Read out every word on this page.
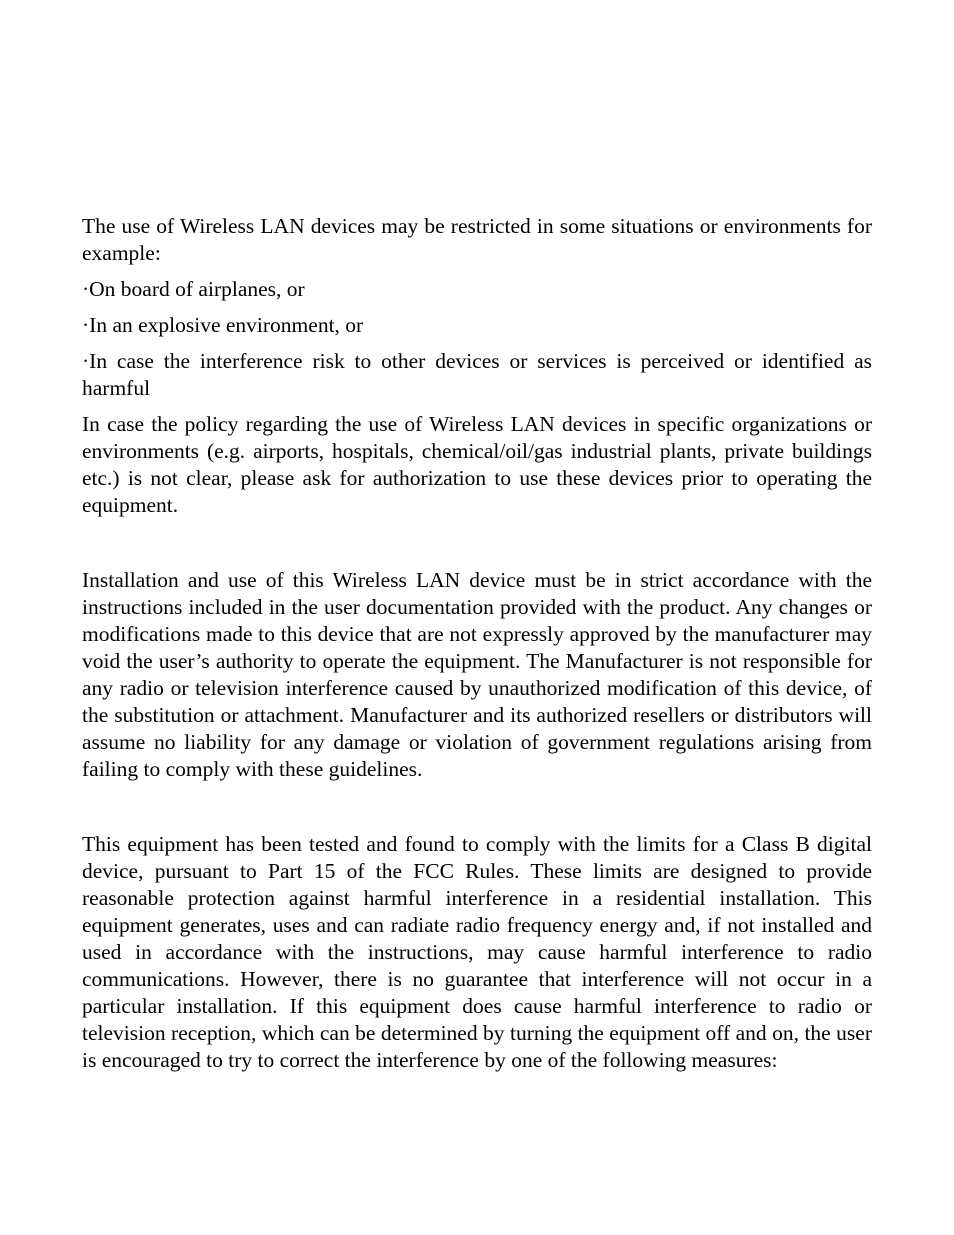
The use of Wireless LAN devices may be restricted in some situations or environments for example:

·On board of airplanes, or

·In an explosive environment, or

·In case the interference risk to other devices or services is perceived or identified as harmful

In case the policy regarding the use of Wireless LAN devices in specific organizations or environments (e.g. airports, hospitals, chemical/oil/gas industrial plants, private buildings etc.) is not clear, please ask for authorization to use these devices prior to operating the equipment.

Installation and use of this Wireless LAN device must be in strict accordance with the instructions included in the user documentation provided with the product. Any changes or modifications made to this device that are not expressly approved by the manufacturer may void the user’s authority to operate the equipment. The Manufacturer is not responsible for any radio or television interference caused by unauthorized modification of this device, of the substitution or attachment. Manufacturer and its authorized resellers or distributors will assume no liability for any damage or violation of government regulations arising from failing to comply with these guidelines.

This equipment has been tested and found to comply with the limits for a Class B digital device, pursuant to Part 15 of the FCC Rules. These limits are designed to provide reasonable protection against harmful interference in a residential installation. This equipment generates, uses and can radiate radio frequency energy and, if not installed and used in accordance with the instructions, may cause harmful interference to radio communications. However, there is no guarantee that interference will not occur in a particular installation. If this equipment does cause harmful interference to radio or television reception, which can be determined by turning the equipment off and on, the user is encouraged to try to correct the interference by one of the following measures:
